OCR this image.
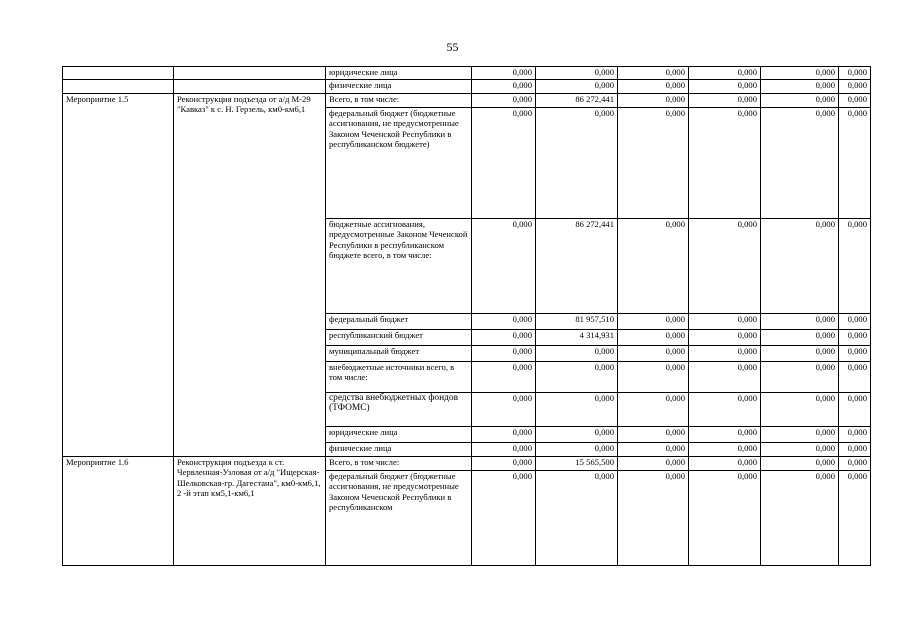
55
		юридические лица	0,000	0,000	0,000	0,000	0,000	0,000
		физические лица	0,000	0,000	0,000	0,000	0,000	0,000
Мероприятие 1.5	Реконструкция подъезда от а/д М-29 "Кавказ" к с. Н. Герзель, км0-км6,1	Всего, в том числе:	0,000	86 272,441	0,000	0,000	0,000	0,000
		федеральный бюджет (бюджетные ассигнования, не предусмотренные Законом Чеченской Республики в республиканском бюджете)	0,000	0,000	0,000	0,000	0,000	0,000
		бюджетные ассигнования, предусмотренные Законом Чеченской Республики в республиканском бюджете всего, в том числе:	0,000	86 272,441	0,000	0,000	0,000	0,000
		федеральный бюджет	0,000	81 957,510	0,000	0,000	0,000	0,000
		республиканский бюджет	0,000	4 314,931	0,000	0,000	0,000	0,000
		муниципальный бюджет	0,000	0,000	0,000	0,000	0,000	0,000
		внебюджетные источники всего, в том числе:	0,000	0,000	0,000	0,000	0,000	0,000
		средства внебюджетных фондов (ТФОМС)	0,000	0,000	0,000	0,000	0,000	0,000
		юридические лица	0,000	0,000	0,000	0,000	0,000	0,000
		физические лица	0,000	0,000	0,000	0,000	0,000	0,000
Мероприятие 1.6	Реконструкция подъезда к ст. Червленная-Узловая от а/д "Ищерская-Шелковская-гр. Дагестана", км0-км6,1, 2 -й этап км5,1-км6,1	Всего, в том числе:	0,000	15 565,500	0,000	0,000	0,000	0,000
		федеральный бюджет (бюджетные ассигнования, не предусмотренные Законом Чеченской Республики в республиканском	0,000	0,000	0,000	0,000	0,000	0,000
